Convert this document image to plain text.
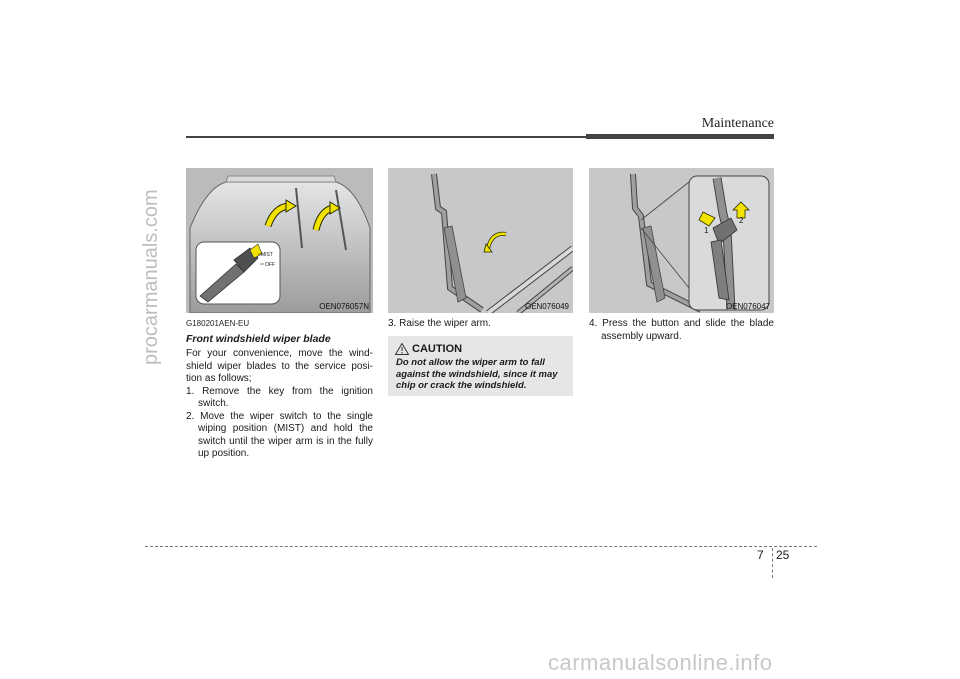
Maintenance
procarmanuals.com	MIST
OFF
OEN076057N	OEN076049
1
2
OEN076047
G180201AEN-EU
Front windshield wiper blade
For your convenience, move the wind-shield wiper blades to the service posi-tion as follows;
1. Remove the key from the ignition switch.
2. Move the wiper switch to the single wiping position (MIST) and hold the switch until the wiper arm is in the fully up position.
3. Raise the wiper arm.
CAUTION
Do not allow the wiper arm to fall against the windshield, since it may chip or crack the windshield.
4. Press the button and slide the blade assembly upward.
7 25
carmanualsonline.info
